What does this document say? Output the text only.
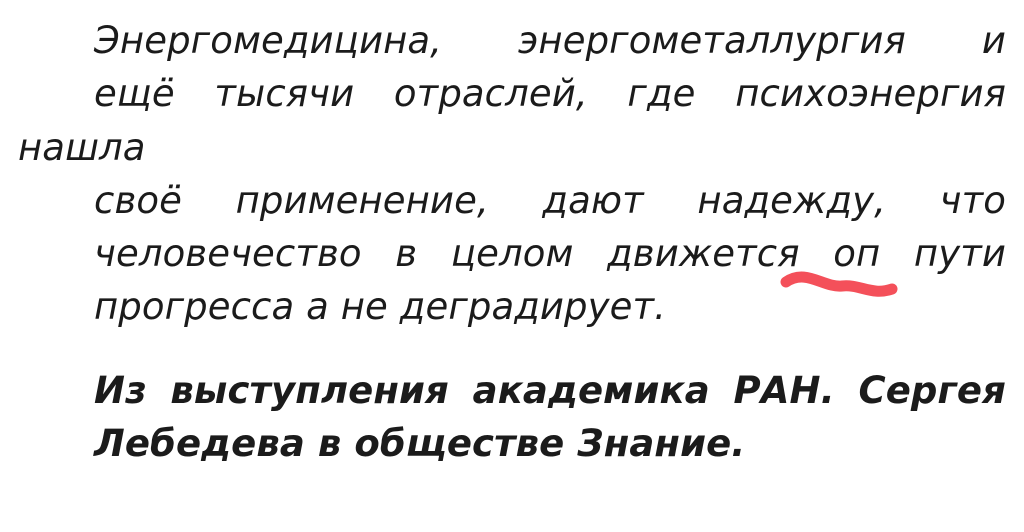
Энергомедицина, энергометаллургия и
ещё тысячи отраслей, где психоэнергия нашла
своё применение, дают надежду, что
человечество в целом движется оп пути
прогресса а не деградирует.

Из выступления академика РАН. Сергея
Лебедева в обществе Знание.
